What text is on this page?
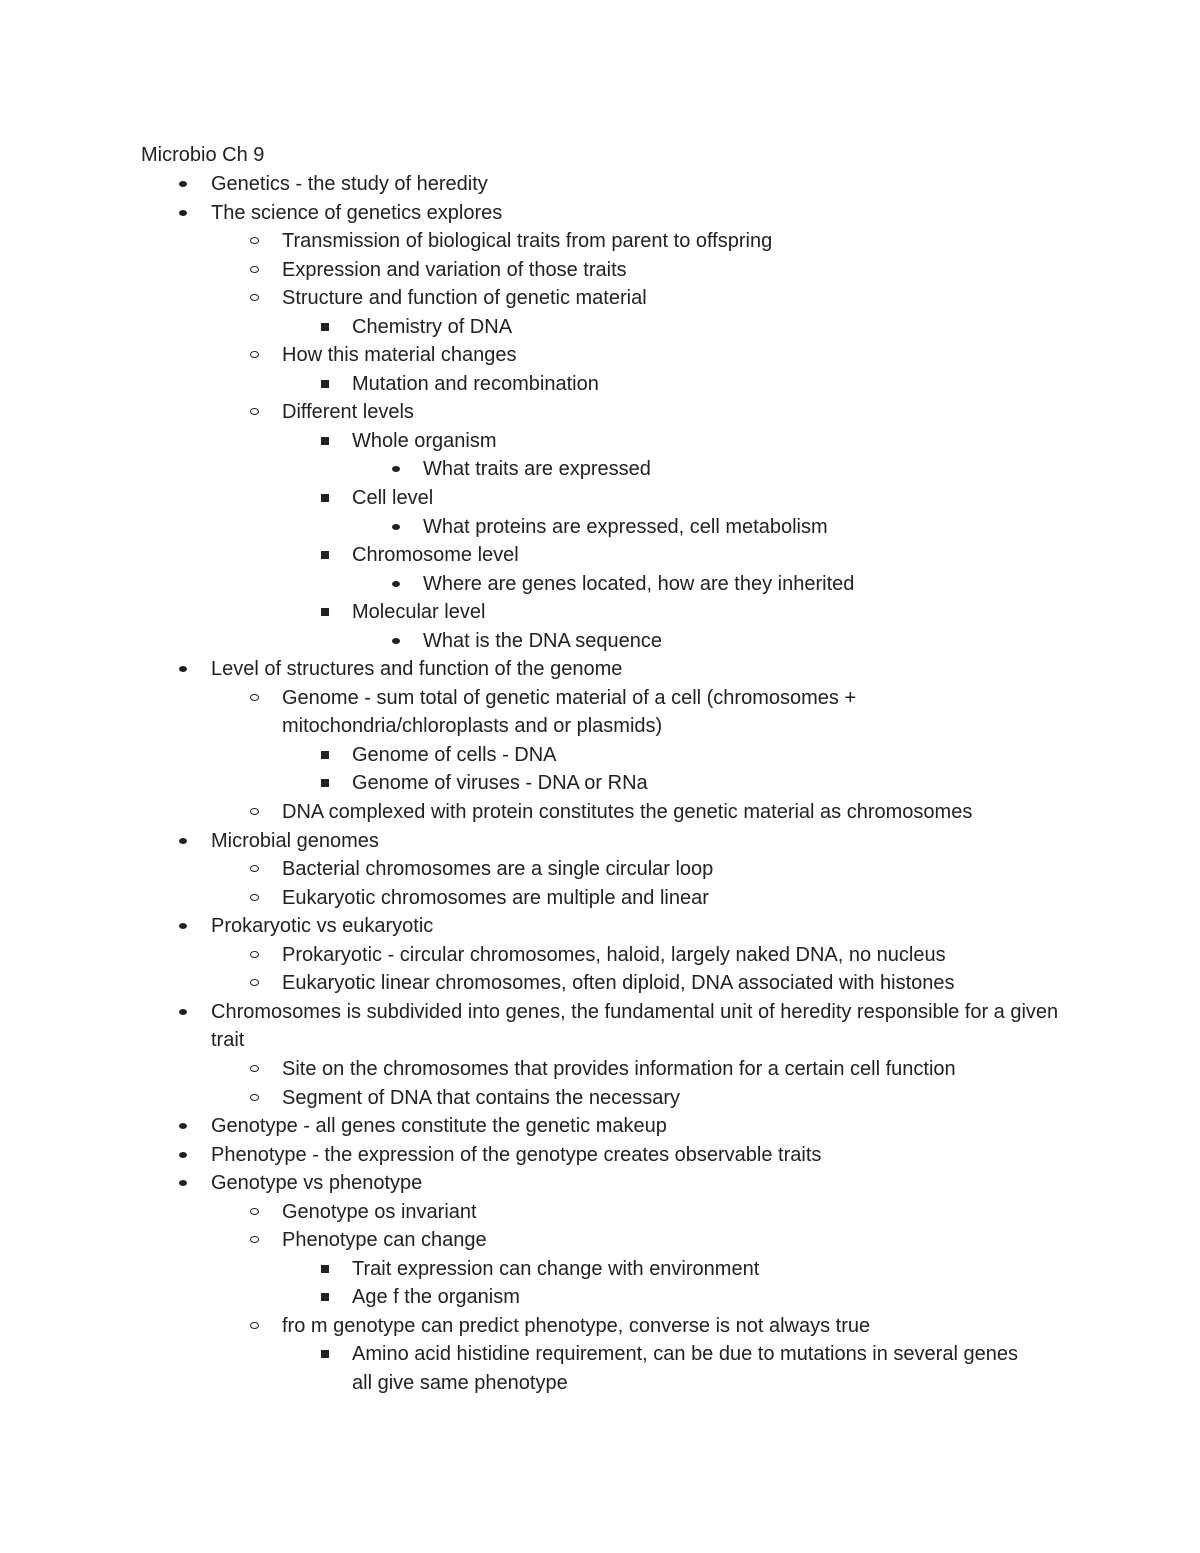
Microbio Ch 9
Genetics - the study of heredity
The science of genetics explores
Transmission of biological traits from parent to offspring
Expression and variation of those traits
Structure and function of genetic material
Chemistry of DNA
How this material changes
Mutation and recombination
Different levels
Whole organism
What traits are expressed
Cell level
What proteins are expressed, cell metabolism
Chromosome level
Where are genes located, how are they inherited
Molecular level
What is the DNA sequence
Level of structures and function of the genome
Genome - sum total of genetic material of a cell (chromosomes + mitochondria/chloroplasts and or plasmids)
Genome of cells - DNA
Genome of viruses - DNA or RNa
DNA complexed with protein constitutes the genetic material as chromosomes
Microbial genomes
Bacterial chromosomes are a single circular loop
Eukaryotic chromosomes are multiple and linear
Prokaryotic vs eukaryotic
Prokaryotic - circular chromosomes, haloid, largely naked DNA, no nucleus
Eukaryotic linear chromosomes, often diploid, DNA associated with histones
Chromosomes is subdivided into genes, the fundamental unit of heredity responsible for a given trait
Site on the chromosomes that provides information for a certain cell function
Segment of DNA that contains the necessary
Genotype - all genes constitute the genetic makeup
Phenotype - the expression of the genotype creates observable traits
Genotype vs phenotype
Genotype os invariant
Phenotype can change
Trait expression can change with environment
Age f the organism
fro m genotype can predict phenotype, converse is not always true
Amino acid histidine requirement, can be due to mutations in several genes all give same phenotype
